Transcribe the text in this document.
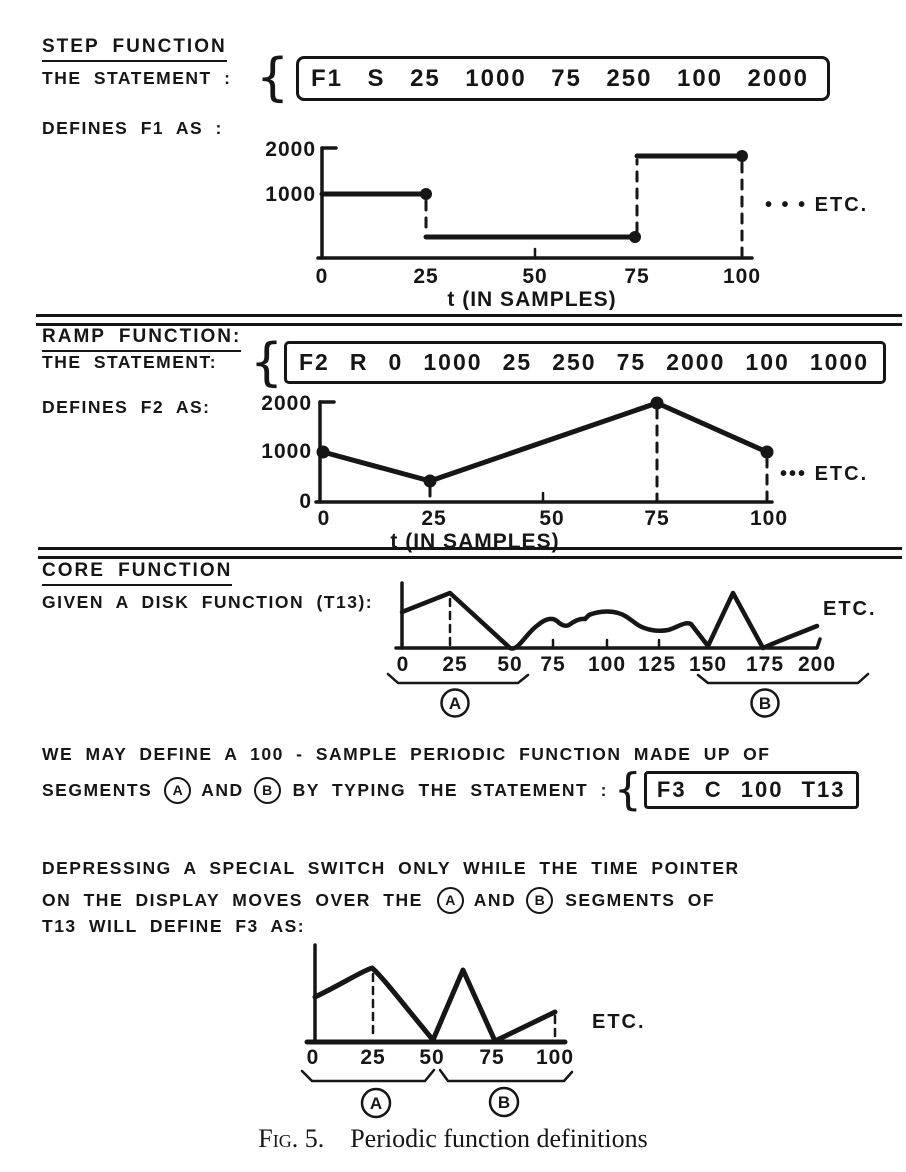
STEP FUNCTION
THE STATEMENT : { F1 S 25 1000 75 250 100 2000
DEFINES F1 AS :
2000
1000
0	25	50	75	100
• • • ETC.
t (IN SAMPLES)
RAMP FUNCTION:
THE STATEMENT: { F2 R 0 1000 25 250 75 2000 100 1000
DEFINES F2 AS: 2000
1000
0
0	25	50	75	100
••• ETC.
t (IN SAMPLES)
CORE FUNCTION
GIVEN A DISK FUNCTION (T13):
0 25 50 75 100 125 150 175 200
A	B
ETC.
WE MAY DEFINE A 100 - SAMPLE PERIODIC FUNCTION MADE UP OF
SEGMENTS	A	AND	B	BY TYPING THE STATEMENT : { F3 C 100 T13
DEPRESSING A SPECIAL SWITCH ONLY WHILE THE TIME POINTER
ON THE DISPLAY MOVES OVER THE	A	AND	B	SEGMENTS OF
T13 WILL DEFINE F3 AS:
0 25 50 75 100
A	B
ETC.
Fig. 5. Periodic function definitions
